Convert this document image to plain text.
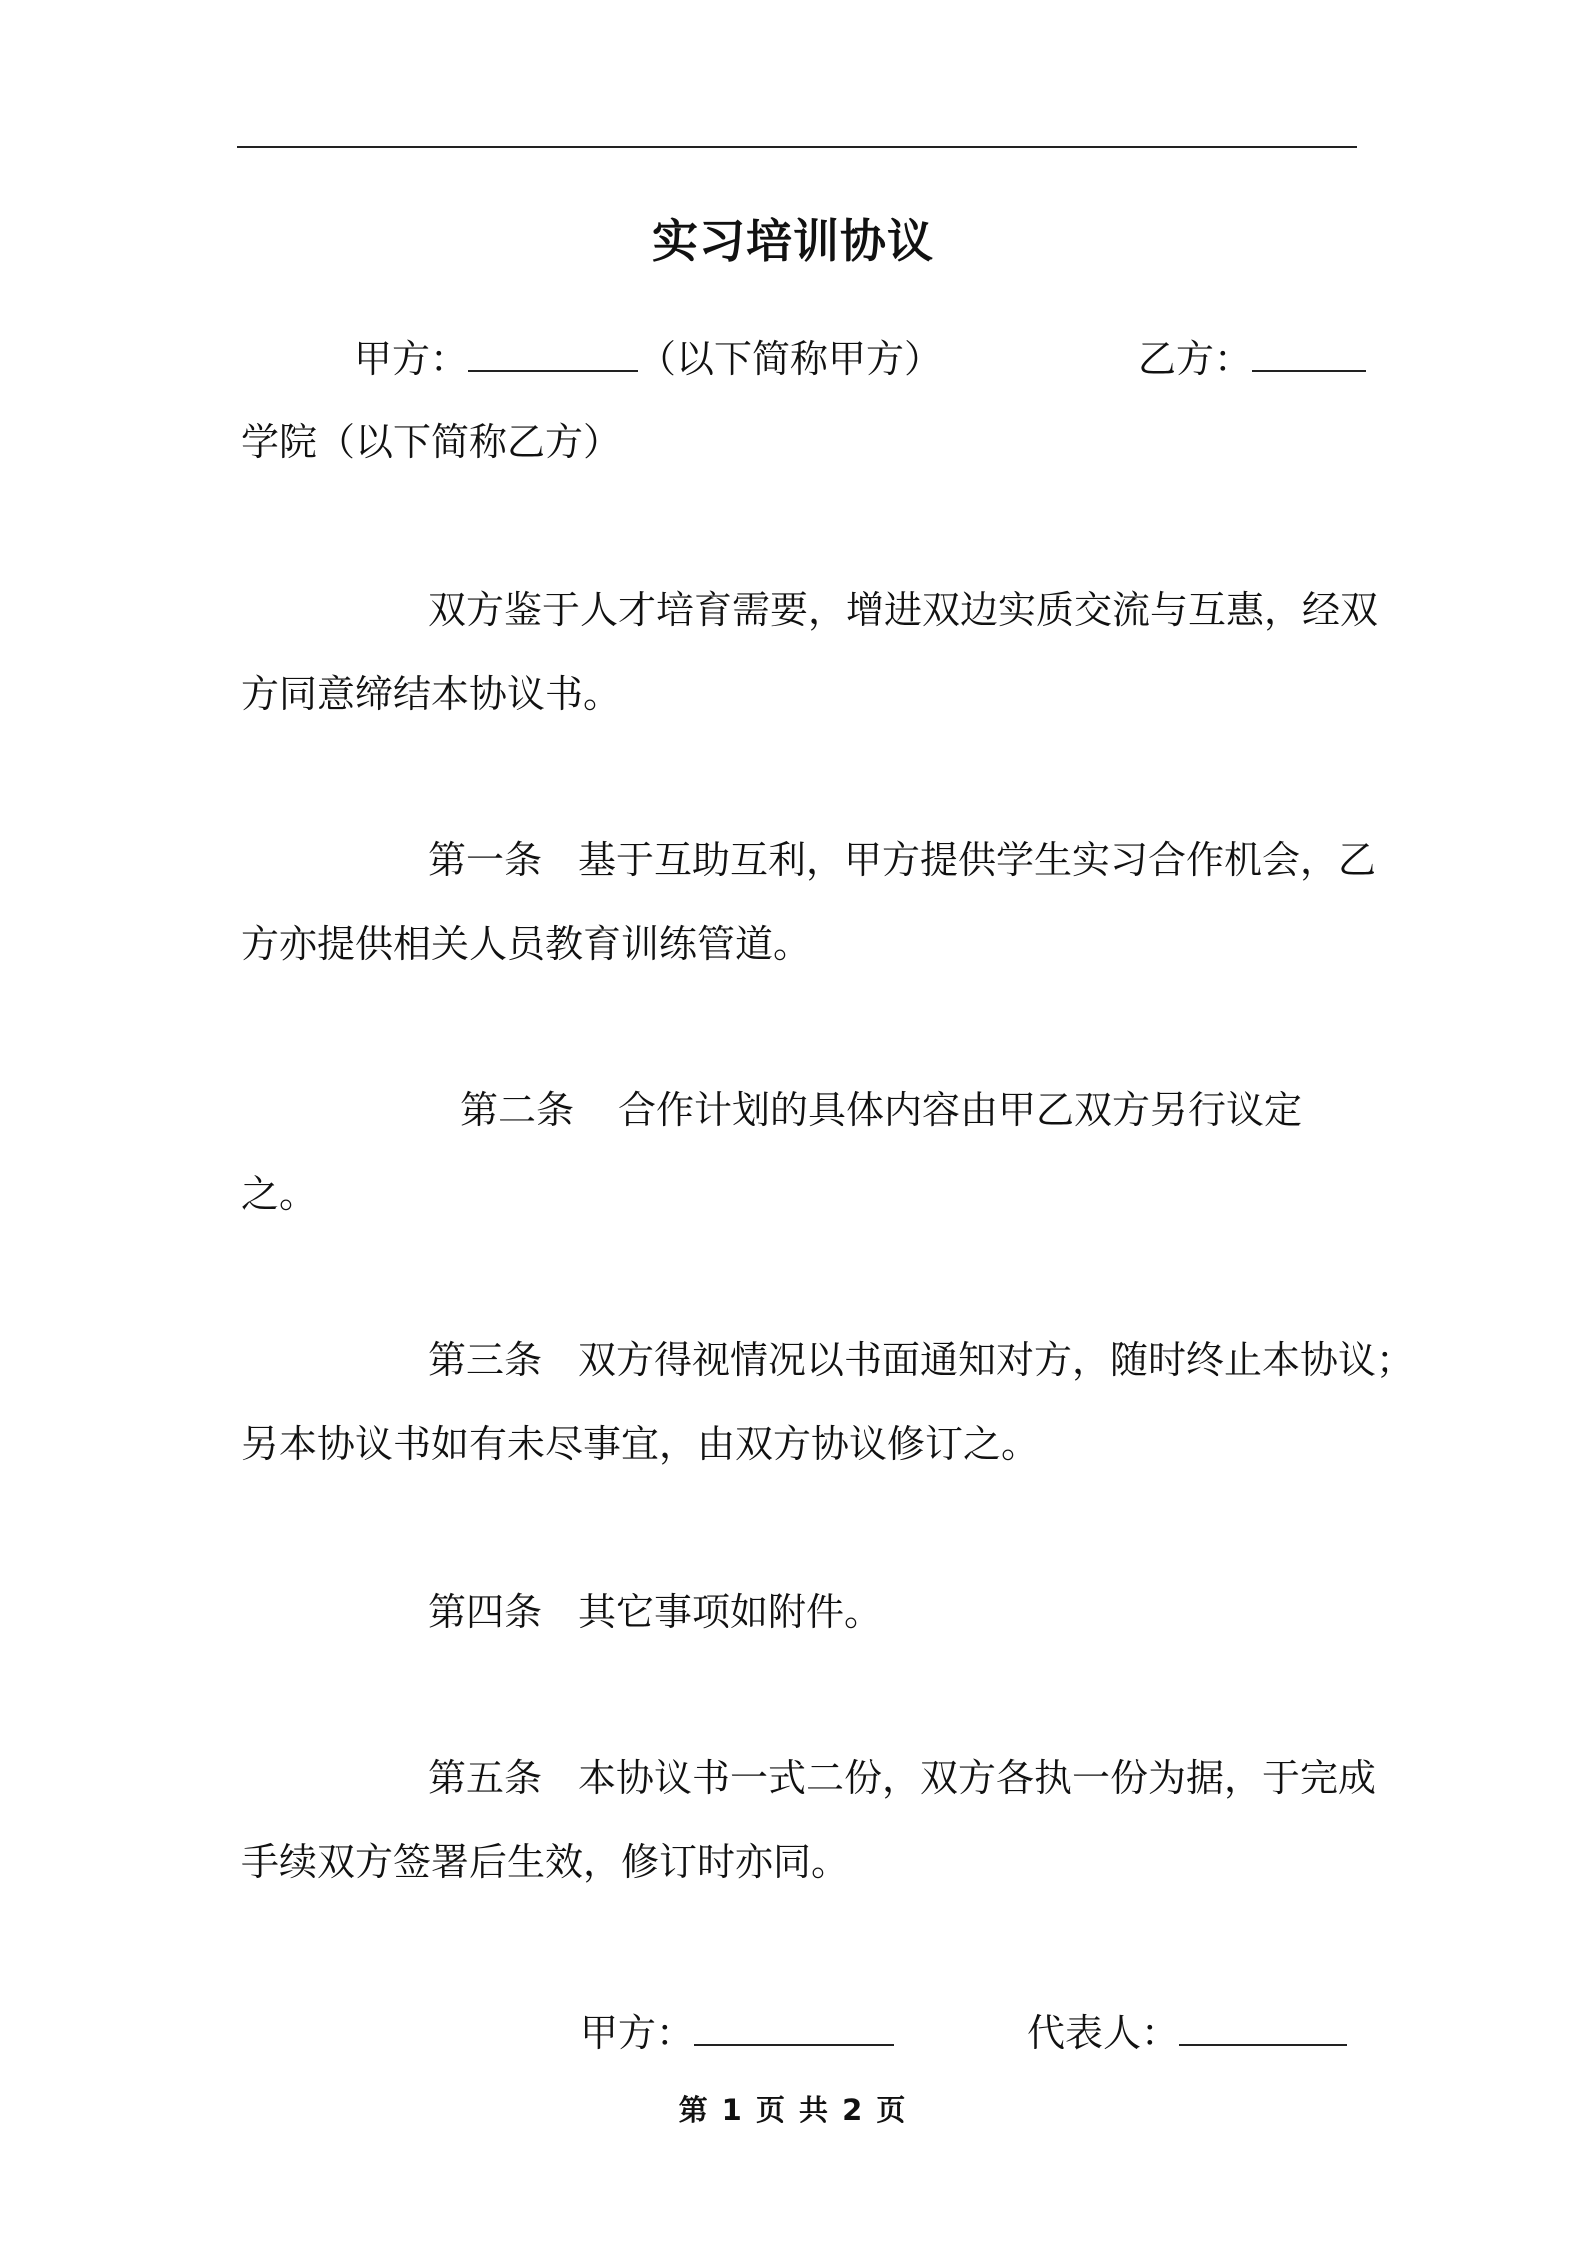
实习培训协议
甲方：	（以下简称甲方）	乙方：
学院（以下简称乙方）
双方鉴于人才培育需要，增进双边实质交流与互惠，经双
方同意缔结本协议书。
第一条 基于互助互利，甲方提供学生实习合作机会，乙
方亦提供相关人员教育训练管道。
第二条 合作计划的具体内容由甲乙双方另行议定
之。
第三条 双方得视情况以书面通知对方，随时终止本协议；
另本协议书如有未尽事宜，由双方协议修订之。
第四条 其它事项如附件。
第五条 本协议书一式二份，双方各执一份为据，于完成
手续双方签署后生效，修订时亦同。
甲方：	代表人：
第 1 页 共 2 页
